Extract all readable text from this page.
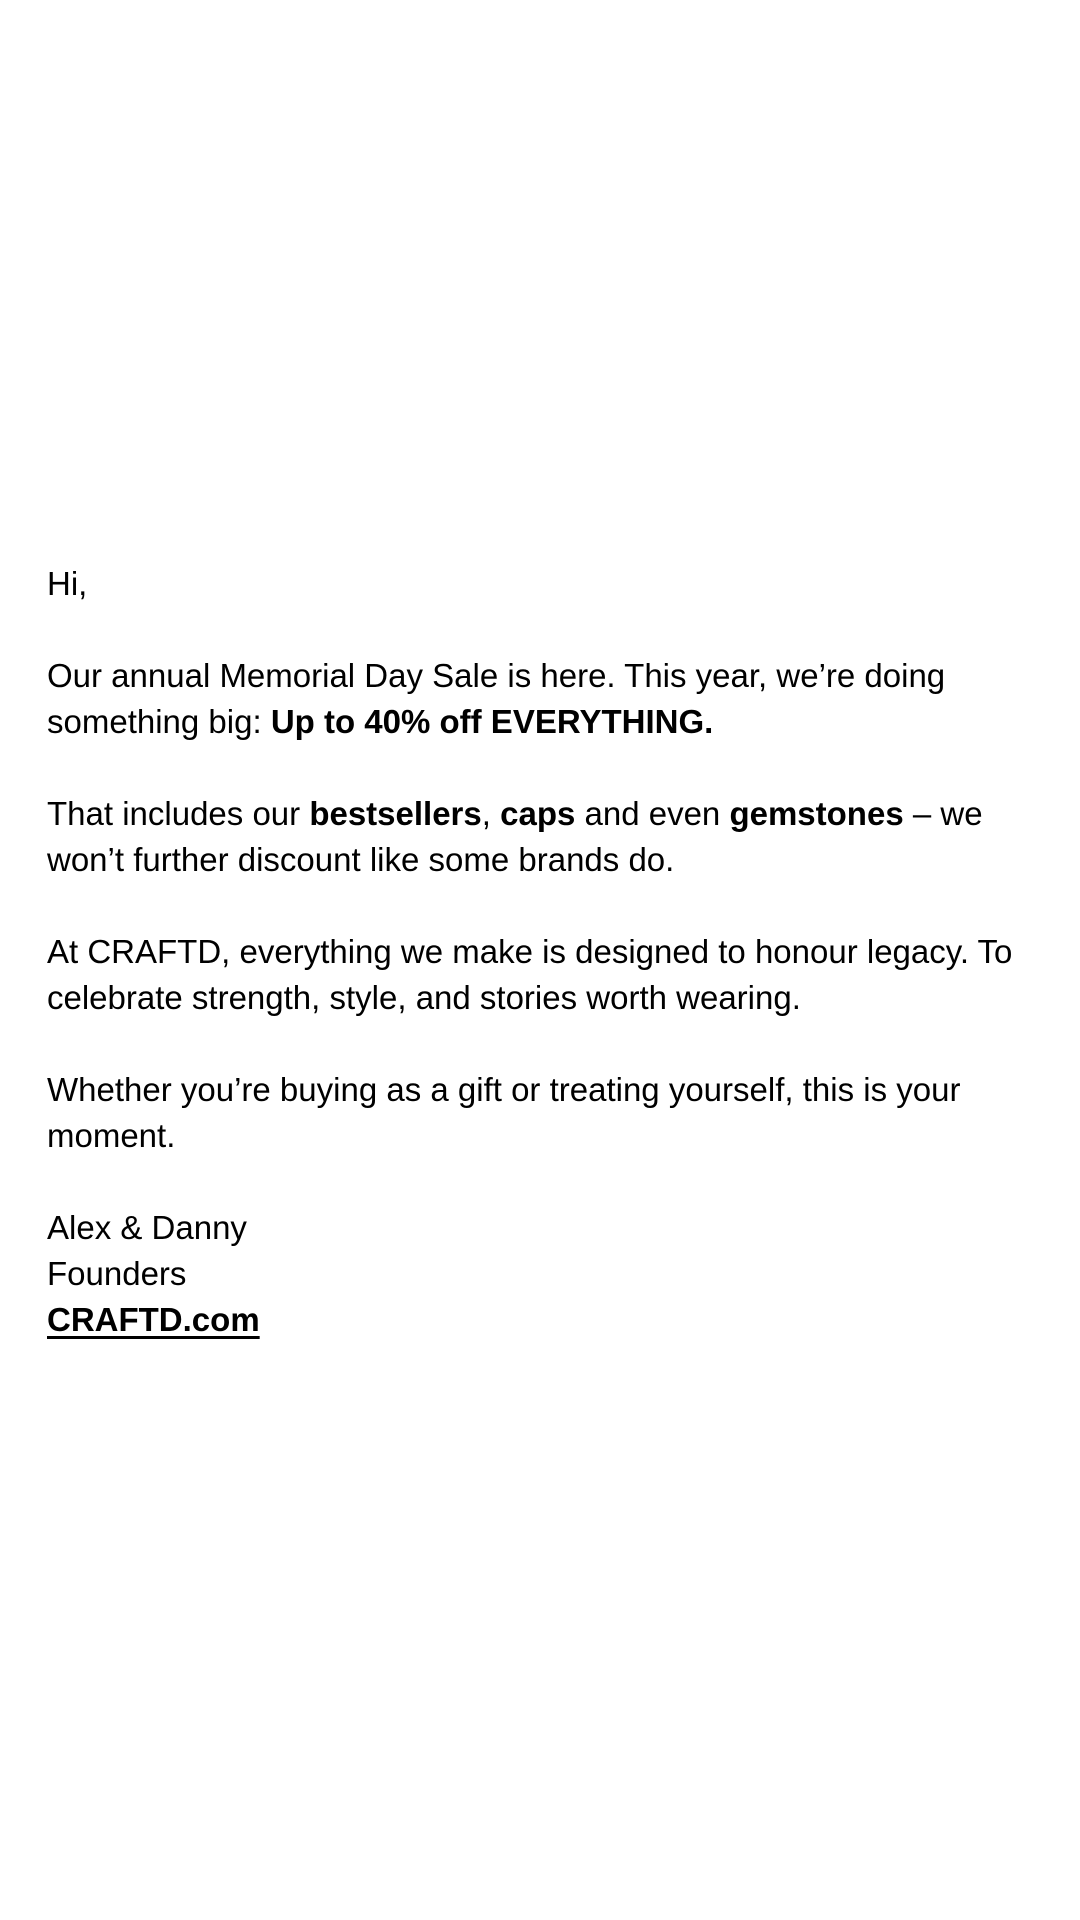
Hi,

Our annual Memorial Day Sale is here. This year, we’re doing something big: Up to 40% off EVERYTHING.

That includes our bestsellers, caps and even gemstones – we won’t further discount like some brands do.

At CRAFTD, everything we make is designed to honour legacy. To celebrate strength, style, and stories worth wearing.

Whether you’re buying as a gift or treating yourself, this is your moment.

Alex & Danny
Founders
CRAFTD.com
